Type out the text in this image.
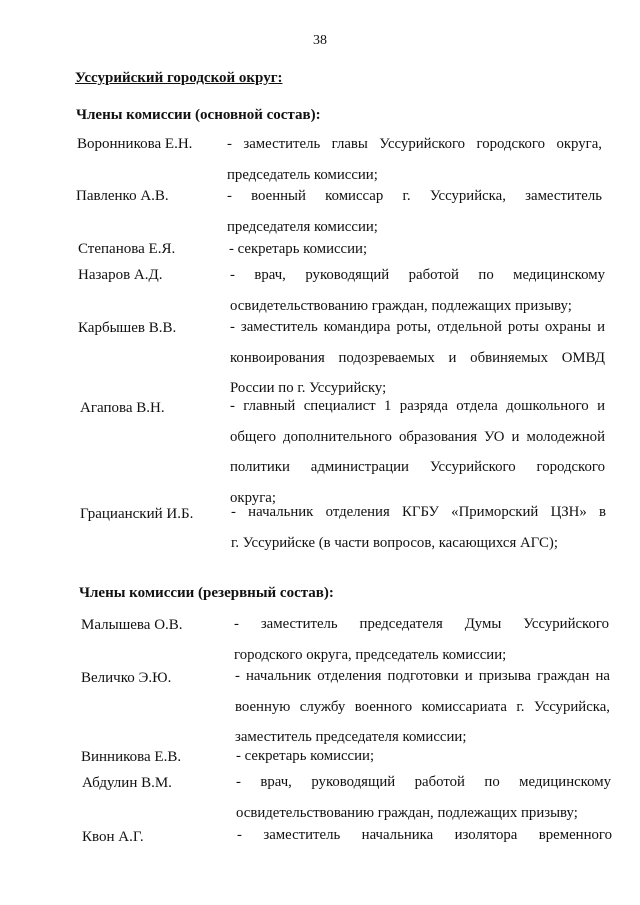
38

Уссурийский городской округ:

Члены комиссии (основной состав):

Воронникова Е.Н. - заместитель главы Уссурийского городского округа,
председатель комиссии;
Павленко А.В.	- военный комиссар г. Уссурийска, заместитель
председателя комиссии;
Степанова Е.Я.	- секретарь комиссии;
Назаров А.Д.	- врач, руководящий работой по медицинскому
освидетельствованию граждан, подлежащих призыву;
Карбышев В.В.	- заместитель командира роты, отдельной роты охраны и
конвоирования подозреваемых и обвиняемых ОМВД
России по г. Уссурийску;
Агапова В.Н.	- главный специалист 1 разряда отдела дошкольного и
общего дополнительного образования УО и молодежной
политики администрации Уссурийского городского
округа;
Грацианский И.Б.	- начальник отделения КГБУ «Приморский ЦЗН» в
г. Уссурийске (в части вопросов, касающихся АГС);

Члены комиссии (резервный состав):

Малышева О.В.	- заместитель председателя Думы Уссурийского
городского округа, председатель комиссии;
Величко Э.Ю.	- начальник отделения подготовки и призыва граждан на
военную службу военного комиссариата г. Уссурийска,
заместитель председателя комиссии;
Винникова Е.В.	- секретарь комиссии;
Абдулин В.М.	- врач, руководящий работой по медицинскому
освидетельствованию граждан, подлежащих призыву;
Квон А.Г.	- заместитель начальника изолятора временного
